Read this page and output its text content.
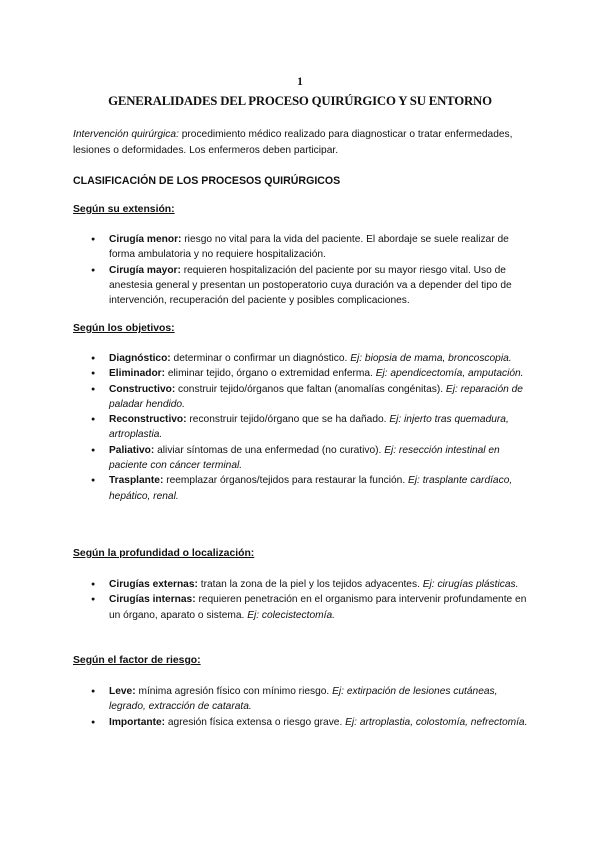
1
GENERALIDADES DEL PROCESO QUIRÚRGICO Y SU ENTORNO

Intervención quirúrgica: procedimiento médico realizado para diagnosticar o tratar enfermedades, lesiones o deformidades. Los enfermeros deben participar.

CLASIFICACIÓN DE LOS PROCESOS QUIRÚRGICOS
Según su extensión:
● Cirugía menor: riesgo no vital para la vida del paciente. El abordaje se suele realizar de forma ambulatoria y no requiere hospitalización.
● Cirugía mayor: requieren hospitalización del paciente por su mayor riesgo vital. Uso de anestesia general y presentan un postoperatorio cuya duración va a depender del tipo de intervención, recuperación del paciente y posibles complicaciones.
Según los objetivos:
● Diagnóstico: determinar o confirmar un diagnóstico. Ej: biopsia de mama, broncoscopia.
● Eliminador: eliminar tejido, órgano o extremidad enferma. Ej: apendicectomía, amputación.
● Constructivo: construir tejido/órganos que faltan (anomalías congénitas). Ej: reparación de paladar hendido.
● Reconstructivo: reconstruir tejido/órgano que se ha dañado. Ej: injerto tras quemadura, artroplastia.
● Paliativo: aliviar síntomas de una enfermedad (no curativo). Ej: resección intestinal en paciente con cáncer terminal.
● Trasplante: reemplazar órganos/tejidos para restaurar la función. Ej: trasplante cardíaco, hepático, renal.
Según la profundidad o localización:
● Cirugías externas: tratan la zona de la piel y los tejidos adyacentes. Ej: cirugías plásticas.
● Cirugías internas: requieren penetración en el organismo para intervenir profundamente en un órgano, aparato o sistema. Ej: colecistectomía.
Según el factor de riesgo:
● Leve: mínima agresión físico con mínimo riesgo. Ej: extirpación de lesiones cutáneas, legrado, extracción de catarata.
● Importante: agresión física extensa o riesgo grave. Ej: artroplastia, colostomía, nefrectomía.
